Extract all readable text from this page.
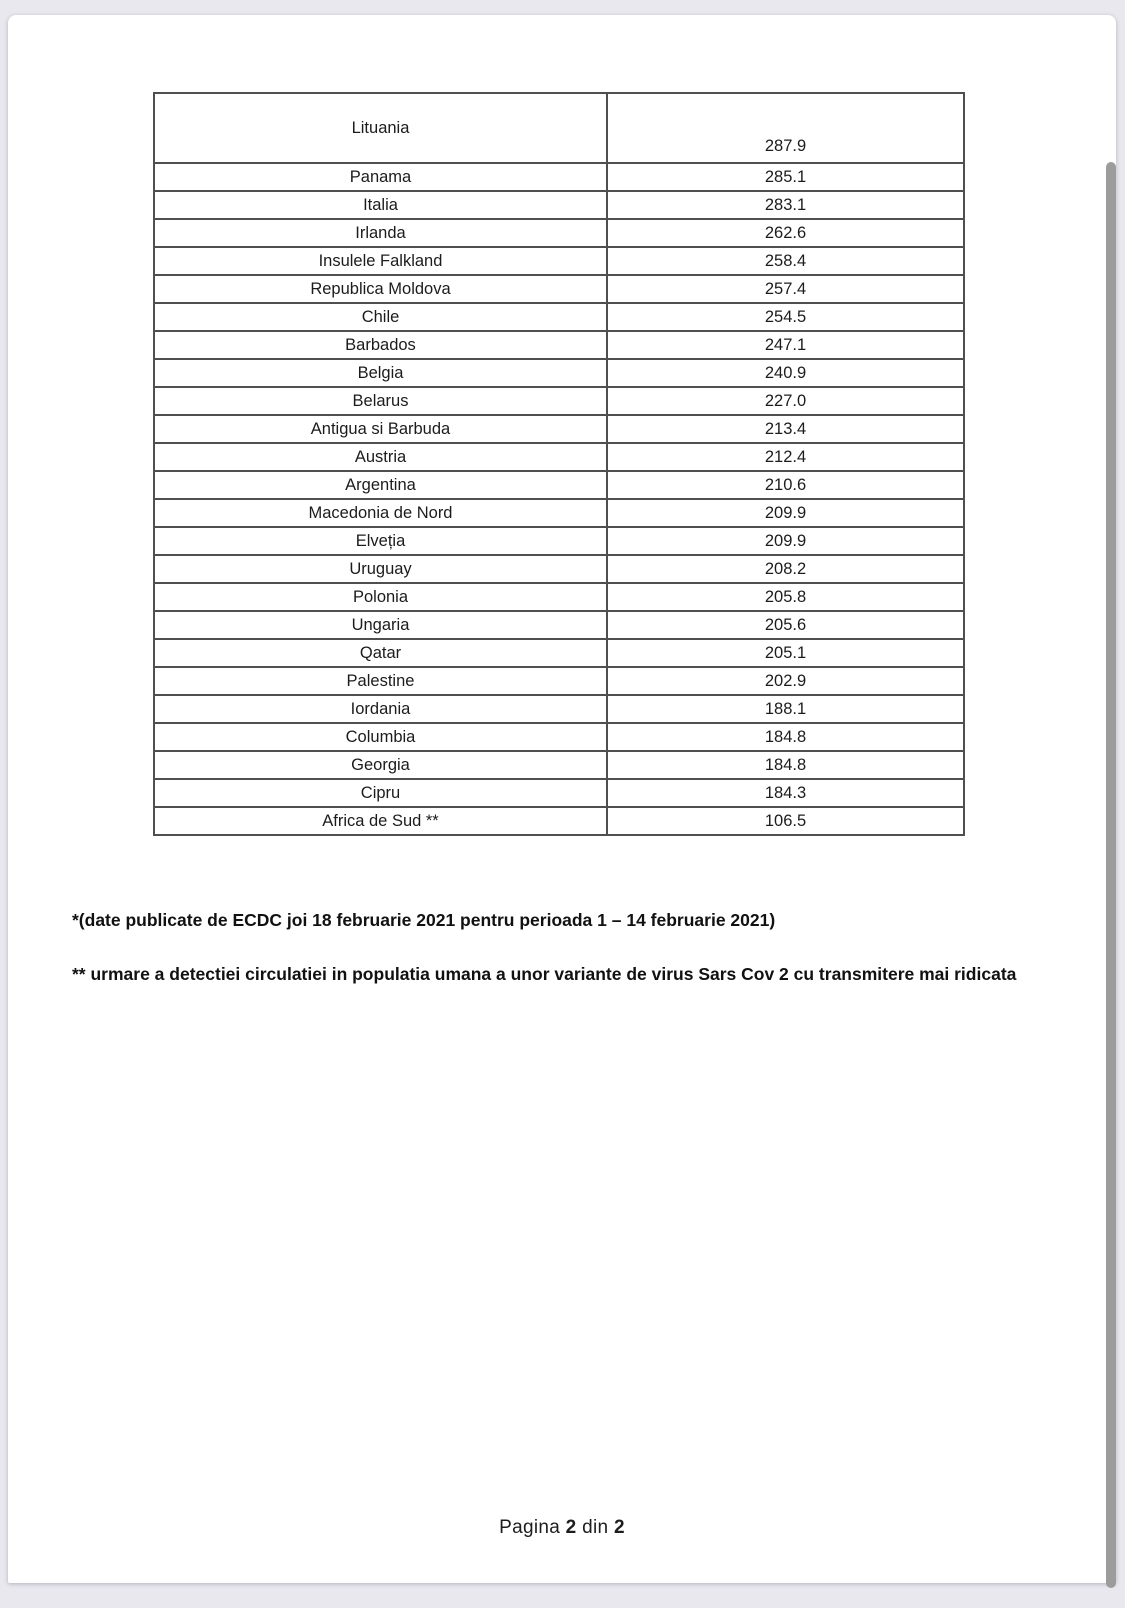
Lituania	287.9
Panama	285.1
Italia	283.1
Irlanda	262.6
Insulele Falkland	258.4
Republica Moldova	257.4
Chile	254.5
Barbados	247.1
Belgia	240.9
Belarus	227.0
Antigua si Barbuda	213.4
Austria	212.4
Argentina	210.6
Macedonia de Nord	209.9
Elveția	209.9
Uruguay	208.2
Polonia	205.8
Ungaria	205.6
Qatar	205.1
Palestine	202.9
Iordania	188.1
Columbia	184.8
Georgia	184.8
Cipru	184.3
Africa de Sud **	106.5
*(date publicate de ECDC joi 18 februarie 2021 pentru perioada 1 – 14 februarie 2021)
** urmare a detectiei circulatiei in populatia umana a unor variante de virus Sars Cov 2 cu transmitere mai ridicata
Pagina 2 din 2
